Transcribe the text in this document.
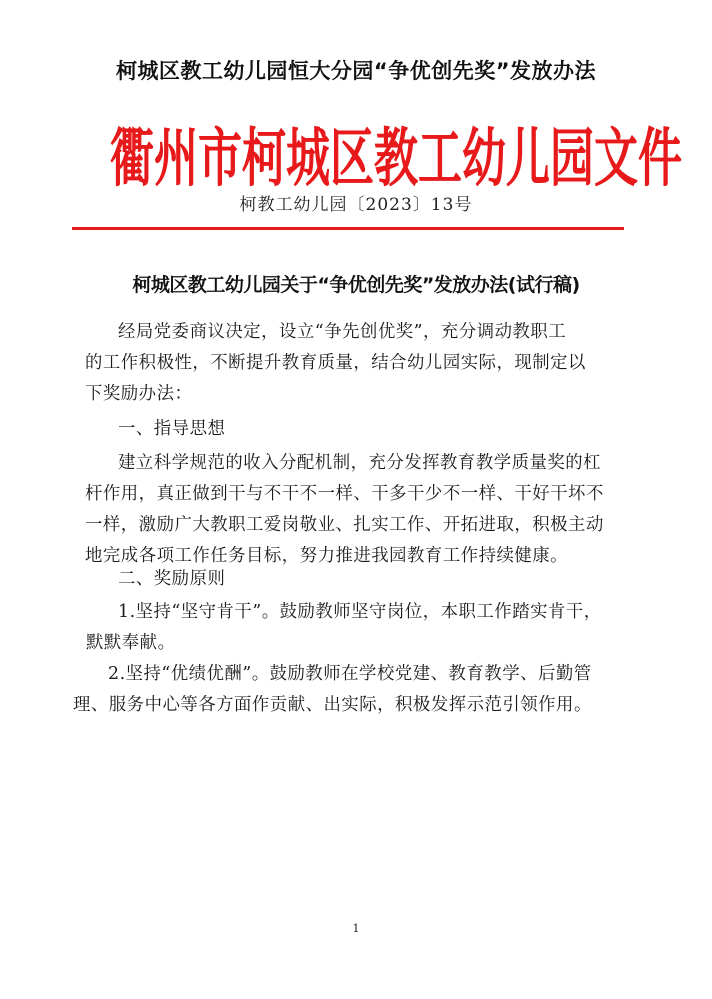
柯城区教工幼儿园恒大分园“争优创先奖”发放办法
衢州市柯城区教工幼儿园文件
柯教工幼儿园〔2023〕13号
柯城区教工幼儿园关于“争优创先奖”发放办法(试行稿)
经局党委商议决定，设立“争先创优奖”，充分调动教职工
的工作积极性，不断提升教育质量，结合幼儿园实际，现制定以
下奖励办法：
一、指导思想
建立科学规范的收入分配机制，充分发挥教育教学质量奖的杠
杆作用，真正做到干与不干不一样、干多干少不一样、干好干坏不
一样，激励广大教职工爱岗敬业、扎实工作、开拓进取，积极主动
地完成各项工作任务目标，努力推进我园教育工作持续健康。
二、奖励原则
1.坚持“坚守肯干”。鼓励教师坚守岗位，本职工作踏实肯干，
默默奉献。
2.坚持“优绩优酬”。鼓励教师在学校党建、教育教学、后勤管
理、服务中心等各方面作贡献、出实际，积极发挥示范引领作用。
1
